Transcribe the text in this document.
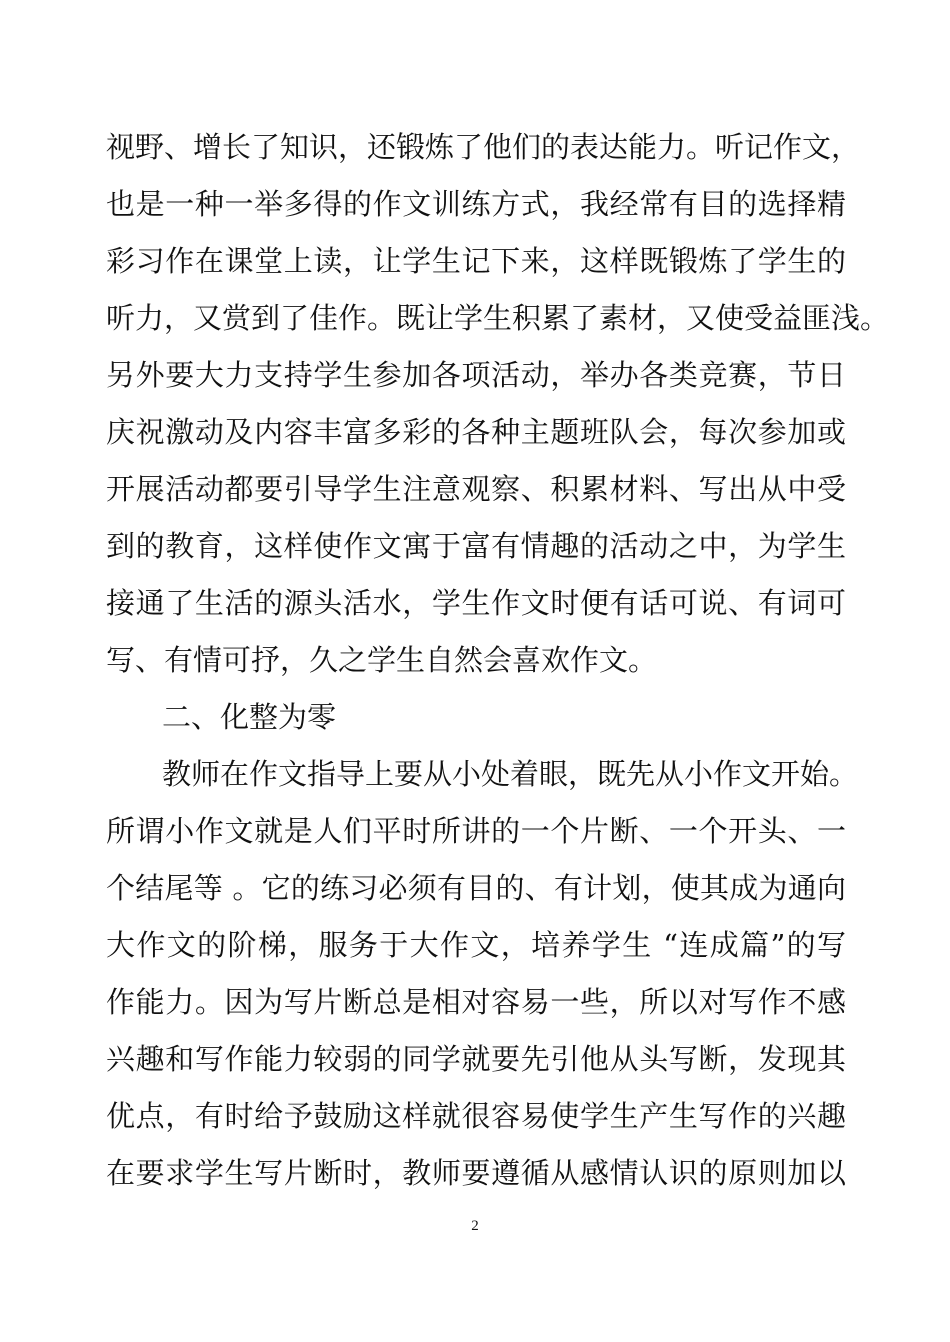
视野、增长了知识，还锻炼了他们的表达能力。听记作文，
也是一种一举多得的作文训练方式，我经常有目的选择精
彩习作在课堂上读，让学生记下来，这样既锻炼了学生的
听力，又赏到了佳作。既让学生积累了素材，又使受益匪浅。
另外要大力支持学生参加各项活动，举办各类竞赛，节日
庆祝激动及内容丰富多彩的各种主题班队会，每次参加或
开展活动都要引导学生注意观察、积累材料、写出从中受
到的教育，这样使作文寓于富有情趣的活动之中，为学生
接通了生活的源头活水，学生作文时便有话可说、有词可
写、有情可抒，久之学生自然会喜欢作文。
二、化整为零
教师在作文指导上要从小处着眼，既先从小作文开始。
所谓小作文就是人们平时所讲的一个片断、一个开头、一
个结尾等 。它的练习必须有目的、有计划，使其成为通向
大作文的阶梯，服务于大作文，培养学生 “连成篇”的写
作能力。因为写片断总是相对容易一些，所以对写作不感
兴趣和写作能力较弱的同学就要先引他从头写断，发现其
优点，有时给予鼓励这样就很容易使学生产生写作的兴趣
在要求学生写片断时，教师要遵循从感情认识的原则加以
2
